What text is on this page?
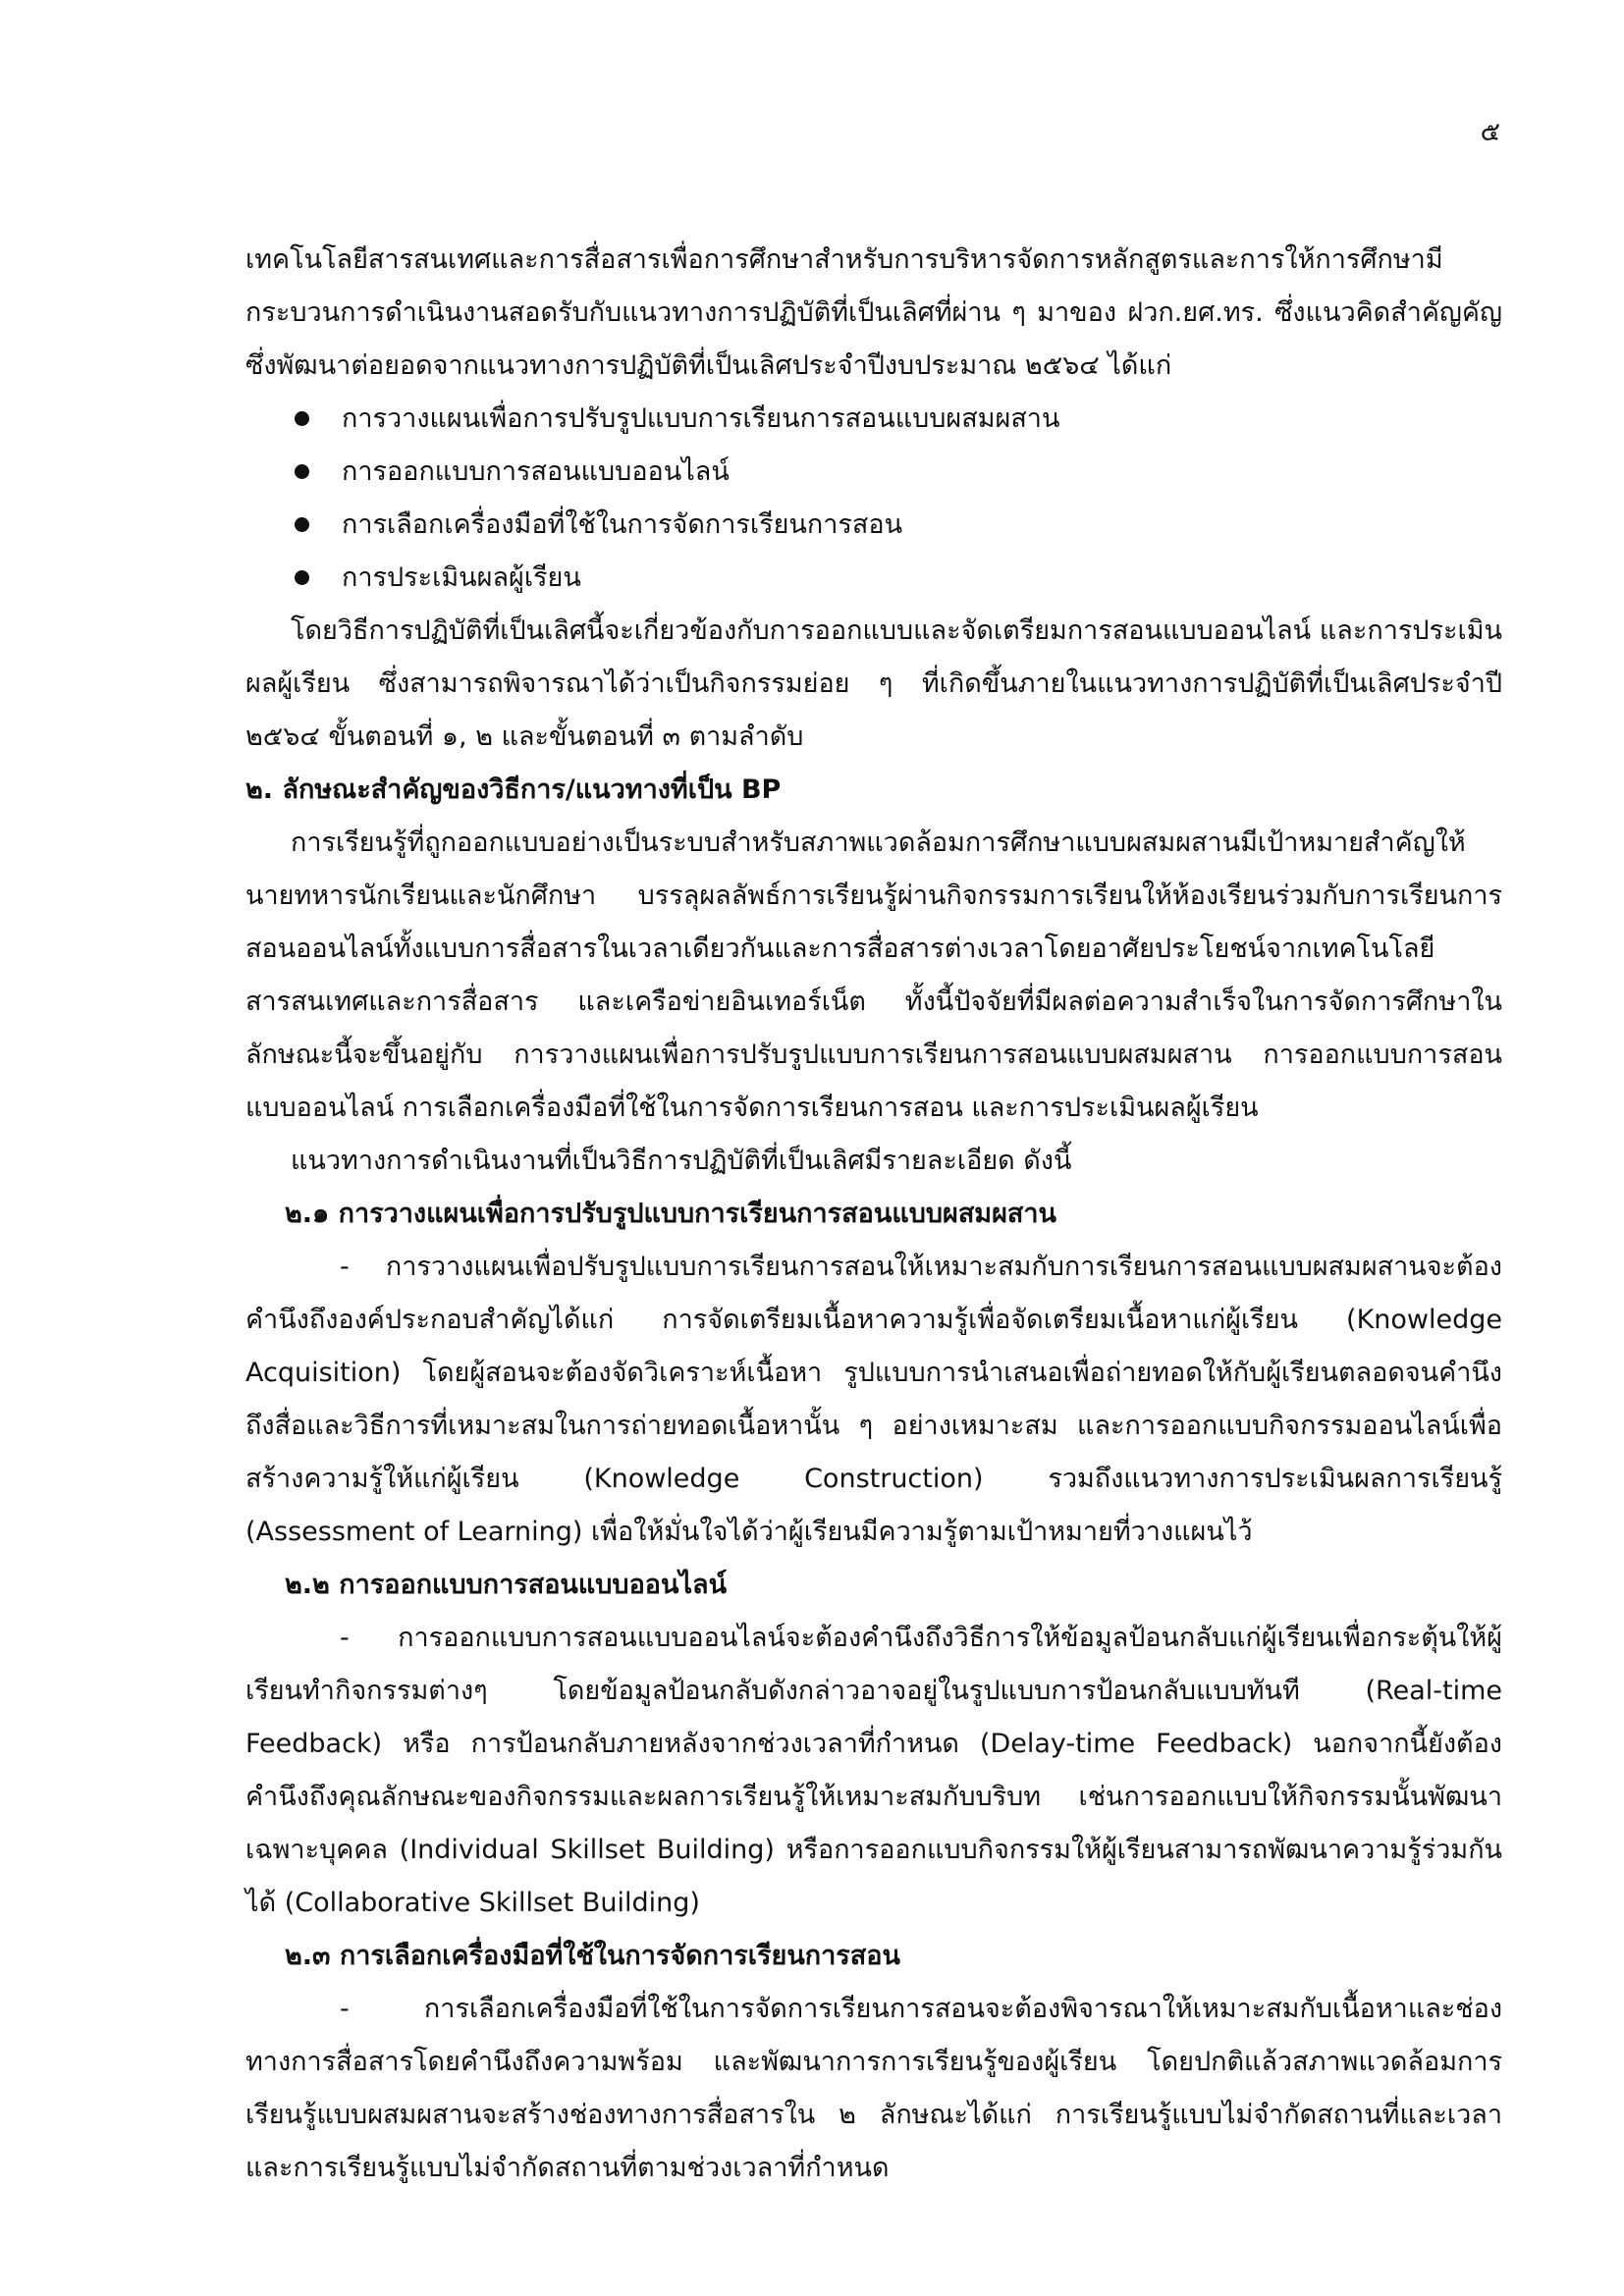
๕

เทคโนโลยีสารสนเทศและการสื่อสารเพื่อการศึกษาสำหรับการบริหารจัดการหลักสูตรและการให้การศึกษามีกระบวนการดำเนินงานสอดรับกับแนวทางการปฏิบัติที่เป็นเลิศที่ผ่าน ๆ มาของ ฝวก.ยศ.ทร. ซึ่งแนวคิดสำคัญคัญซึ่งพัฒนาต่อยอดจากแนวทางการปฏิบัติที่เป็นเลิศประจำปีงบประมาณ ๒๕๖๔ ได้แก่

การวางแผนเพื่อการปรับรูปแบบการเรียนการสอนแบบผสมผสาน
การออกแบบการสอนแบบออนไลน์
การเลือกเครื่องมือที่ใช้ในการจัดการเรียนการสอน
การประเมินผลผู้เรียน

โดยวิธีการปฏิบัติที่เป็นเลิศนี้จะเกี่ยวข้องกับการออกแบบและจัดเตรียมการสอนแบบออนไลน์ และการประเมินผลผู้เรียน ซึ่งสามารถพิจารณาได้ว่าเป็นกิจกรรมย่อย ๆ ที่เกิดขึ้นภายในแนวทางการปฏิบัติที่เป็นเลิศประจำปี ๒๕๖๔ ขั้นตอนที่ ๑, ๒ และขั้นตอนที่ ๓ ตามลำดับ

๒. ลักษณะสำคัญของวิธีการ/แนวทางที่เป็น BP

การเรียนรู้ที่ถูกออกแบบอย่างเป็นระบบสำหรับสภาพแวดล้อมการศึกษาแบบผสมผสานมีเป้าหมายสำคัญให้นายทหารนักเรียนและนักศึกษา บรรลุผลลัพธ์การเรียนรู้ผ่านกิจกรรมการเรียนให้ห้องเรียนร่วมกับการเรียนการสอนออนไลน์ทั้งแบบการสื่อสารในเวลาเดียวกันและการสื่อสารต่างเวลาโดยอาศัยประโยชน์จากเทคโนโลยีสารสนเทศและการสื่อสาร และเครือข่ายอินเทอร์เน็ต ทั้งนี้ปัจจัยที่มีผลต่อความสำเร็จในการจัดการศึกษาในลักษณะนี้จะขึ้นอยู่กับ การวางแผนเพื่อการปรับรูปแบบการเรียนการสอนแบบผสมผสาน การออกแบบการสอนแบบออนไลน์ การเลือกเครื่องมือที่ใช้ในการจัดการเรียนการสอน และการประเมินผลผู้เรียน

แนวทางการดำเนินงานที่เป็นวิธีการปฏิบัติที่เป็นเลิศมีรายละเอียด ดังนี้

๒.๑ การวางแผนเพื่อการปรับรูปแบบการเรียนการสอนแบบผสมผสาน

- การวางแผนเพื่อปรับรูปแบบการเรียนการสอนให้เหมาะสมกับการเรียนการสอนแบบผสมผสานจะต้องคำนึงถึงองค์ประกอบสำคัญได้แก่ การจัดเตรียมเนื้อหาความรู้เพื่อจัดเตรียมเนื้อหาแก่ผู้เรียน (Knowledge Acquisition) โดยผู้สอนจะต้องจัดวิเคราะห์เนื้อหา รูปแบบการนำเสนอเพื่อถ่ายทอดให้กับผู้เรียนตลอดจนคำนึงถึงสื่อและวิธีการที่เหมาะสมในการถ่ายทอดเนื้อหานั้น ๆ อย่างเหมาะสม และการออกแบบกิจกรรมออนไลน์เพื่อสร้างความรู้ให้แก่ผู้เรียน (Knowledge Construction) รวมถึงแนวทางการประเมินผลการเรียนรู้ (Assessment of Learning) เพื่อให้มั่นใจได้ว่าผู้เรียนมีความรู้ตามเป้าหมายที่วางแผนไว้

๒.๒ การออกแบบการสอนแบบออนไลน์

- การออกแบบการสอนแบบออนไลน์จะต้องคำนึงถึงวิธีการให้ข้อมูลป้อนกลับแก่ผู้เรียนเพื่อกระตุ้นให้ผู้เรียนทำกิจกรรมต่างๆ โดยข้อมูลป้อนกลับดังกล่าวอาจอยู่ในรูปแบบการป้อนกลับแบบทันที (Real-time Feedback) หรือ การป้อนกลับภายหลังจากช่วงเวลาที่กำหนด (Delay-time Feedback) นอกจากนี้ยังต้องคำนึงถึงคุณลักษณะของกิจกรรมและผลการเรียนรู้ให้เหมาะสมกับบริบท เช่นการออกแบบให้กิจกรรมนั้นพัฒนาเฉพาะบุคคล (Individual Skillset Building) หรือการออกแบบกิจกรรมให้ผู้เรียนสามารถพัฒนาความรู้ร่วมกันได้ (Collaborative Skillset Building)

๒.๓ การเลือกเครื่องมือที่ใช้ในการจัดการเรียนการสอน

- การเลือกเครื่องมือที่ใช้ในการจัดการเรียนการสอนจะต้องพิจารณาให้เหมาะสมกับเนื้อหาและช่องทางการสื่อสารโดยคำนึงถึงความพร้อม และพัฒนาการการเรียนรู้ของผู้เรียน โดยปกติแล้วสภาพแวดล้อมการเรียนรู้แบบผสมผสานจะสร้างช่องทางการสื่อสารใน ๒ ลักษณะได้แก่ การเรียนรู้แบบไม่จำกัดสถานที่และเวลา และการเรียนรู้แบบไม่จำกัดสถานที่ตามช่วงเวลาที่กำหนด
